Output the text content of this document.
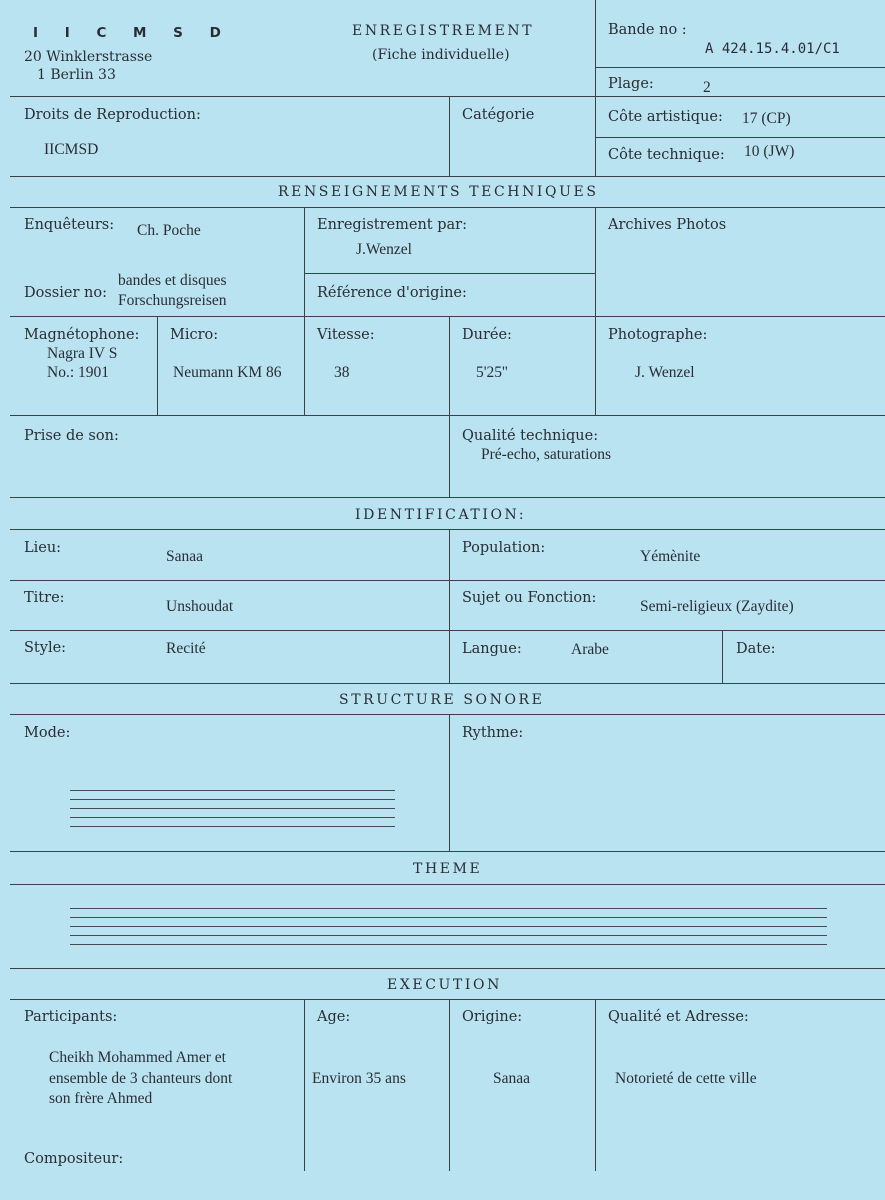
I I C M S D
20 Winklerstrasse
1 Berlin 33
ENREGISTREMENT
(Fiche individuelle)
Bande no :
A 424.15.4.01/C1
Plage:	2
Droits de Reproduction:
IICMSD
Catégorie	Côte artistique: 17 (CP)
Côte technique: 10 (JW)
RENSEIGNEMENTS TECHNIQUES
Enquêteurs: Ch. Poche	Enregistrement par:
J.Wenzel
Archives Photos
Dossier no:
bandes et disques
Forschungsreisen	Référence d'origine:
Magnétophone:
Nagra IV S
No.: 1901
Micro:
Neumann KM 86
Vitesse:
38
Durée:
5'25''
Photographe:
J. Wenzel
Prise de son:	Qualité technique:
Pré-echo, saturations
IDENTIFICATION:
Lieu:	Sanaa	Population:	Yémènite
Titre:	Unshoudat	Sujet ou Fonction:	Semi-religieux (Zaydite)
Style:	Recité	Langue:	Arabe	Date:
STRUCTURE SONORE
Mode:	Rythme:
THEME
EXECUTION
Participants:
Cheikh Mohammed Amer et
ensemble de 3 chanteurs dont
son frère Ahmed
Age:
Environ 35 ans
Origine:
Sanaa
Qualité et Adresse:
Notorieté de cette ville
Compositeur:
